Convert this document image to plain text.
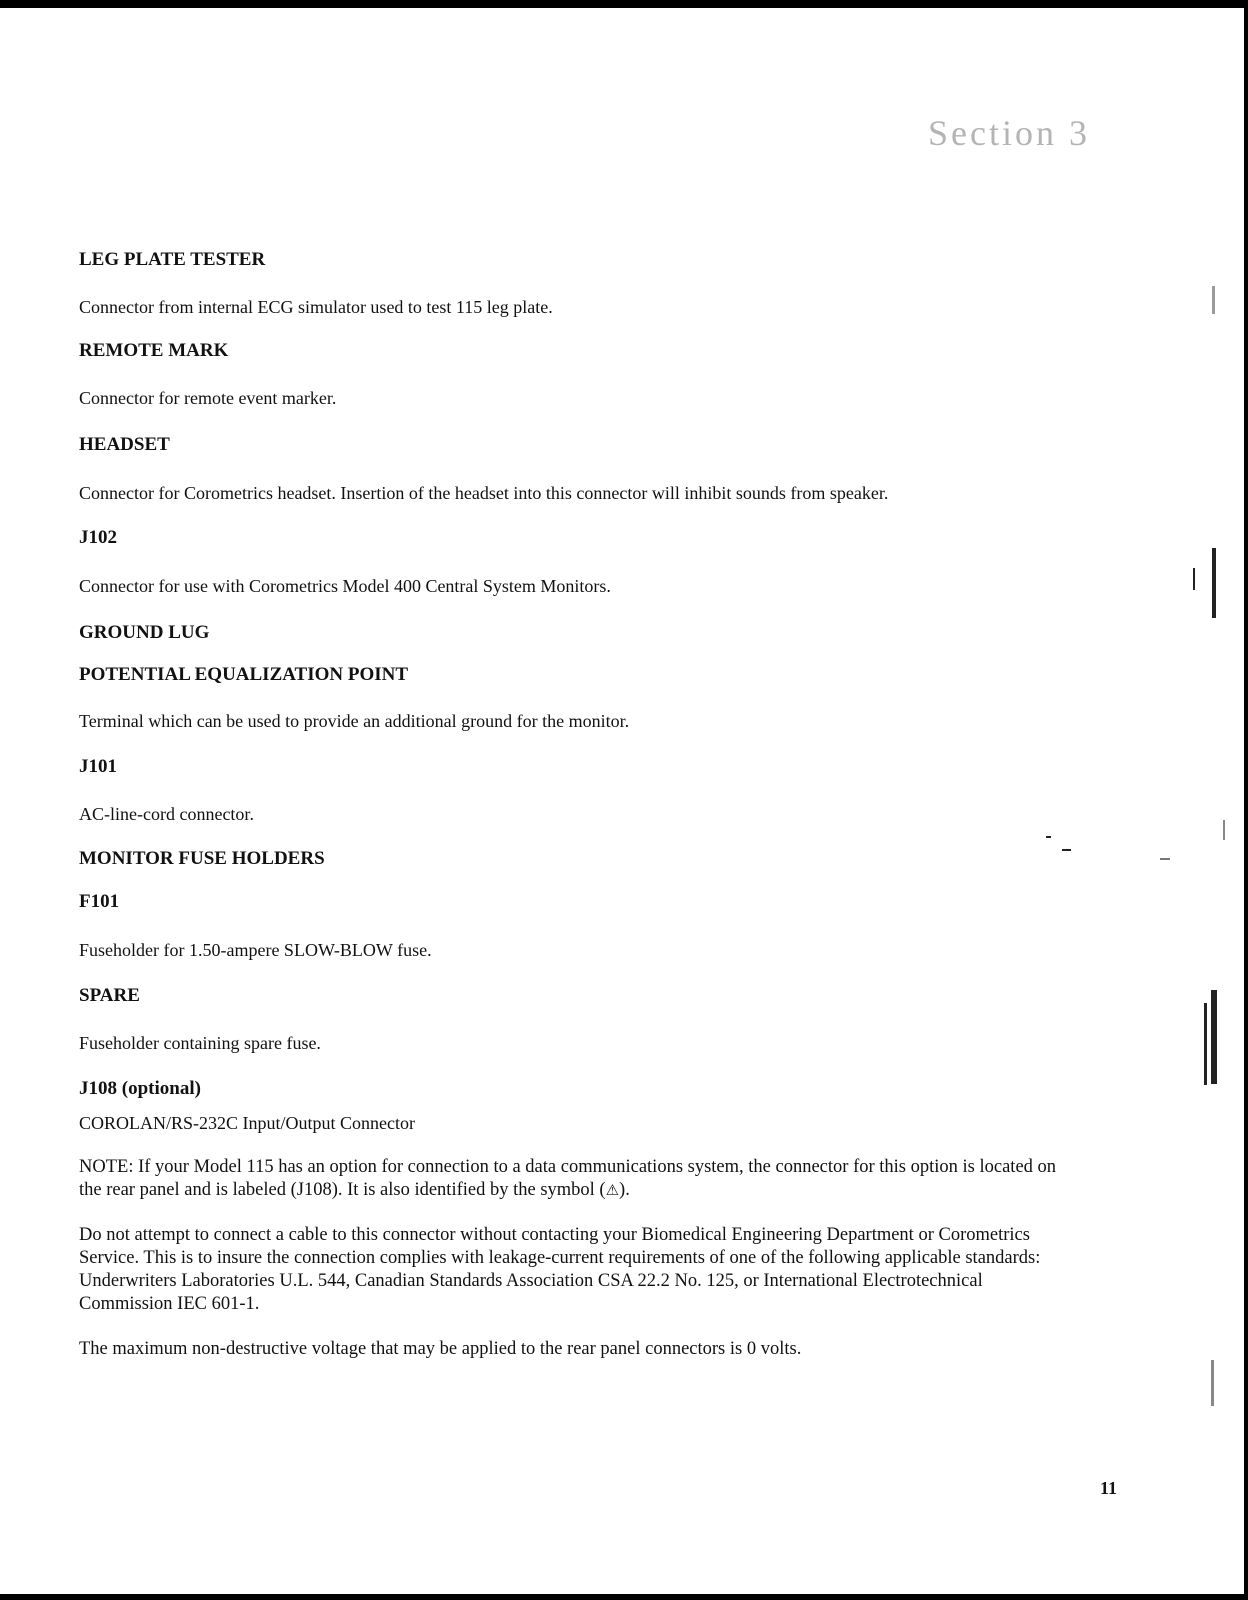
Section 3
LEG PLATE TESTER

Connector from internal ECG simulator used to test 115 leg plate.

REMOTE MARK

Connector for remote event marker.

HEADSET

Connector for Corometrics headset. Insertion of the headset into this connector will inhibit sounds from speaker.

J102

Connector for use with Corometrics Model 400 Central System Monitors.

GROUND LUG
POTENTIAL EQUALIZATION POINT

Terminal which can be used to provide an additional ground for the monitor.

J101

AC-line-cord connector.

MONITOR FUSE HOLDERS
F101

Fuseholder for 1.50-ampere SLOW-BLOW fuse.

SPARE

Fuseholder containing spare fuse.

J108 (optional)

COROLAN/RS-232C Input/Output Connector

NOTE: If your Model 115 has an option for connection to a data communications system, the connector for this option is located on the rear panel and is labeled (J108). It is also identified by the symbol (⚠).

Do not attempt to connect a cable to this connector without contacting your Biomedical Engineering Department or Corometrics Service. This is to insure the connection complies with leakage-current requirements of one of the following applicable standards: Underwriters Laboratories U.L. 544, Canadian Standards Association CSA 22.2 No. 125, or International Electrotechnical Commission IEC 601-1.

The maximum non-destructive voltage that may be applied to the rear panel connectors is 0 volts.

11
